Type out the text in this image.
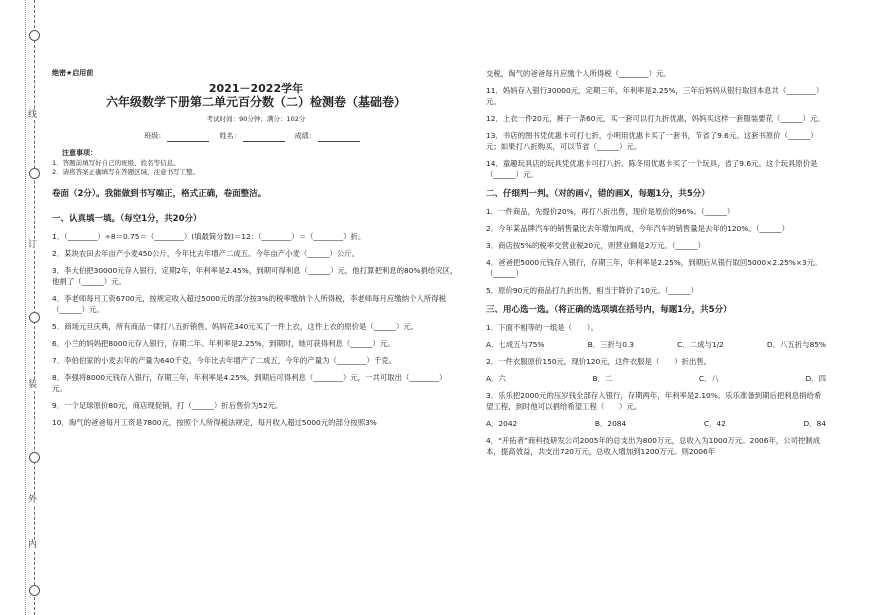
线
订
装
外
内
绝密★启用前
2021－2022学年
六年级数学下册第二单元百分数（二）检测卷（基础卷）
考试时间：90分钟；满分：102分
班级：	姓名：	成绩：
注意事项：
1．答题前填写好自己的班级、姓名等信息。
2．请将答案正确填写在答题区域，注意书写工整。
卷面（2分）。我能做到书写端正，格式正确，卷面整洁。
一、认真填一填。（每空1分，共20分）
1．（________）÷8＝0.75＝（________）(填最简分数)＝12：（________）＝（________）折。
2．某块农田去年亩产小麦450公斤，今年比去年增产二成五。今年亩产小麦（______）公斤。
3．李大伯把30000元存入银行，定期2年，年利率是2.45%，到期可得利息（______）元，他打算把利息的80%捐给灾区，他捐了（______）元。
4．李老师每月工资6700元，按规定收入超过5000元的部分按3%的税率缴纳个人所得税，李老师每月应缴纳个人所得税（______）元。
5．商场元旦庆典，所有商品一律打八五折销售。妈妈花340元买了一件上衣，这件上衣的原价是（______）元。
6．小兰的妈妈把8000元存入银行，存期二年。年利率是2.25%，到期时，她可获得利息（______）元。
7．李伯伯家的小麦去年的产量为640千克，今年比去年增产了二成五，今年的产量为（________）千克。
8．李强将8000元钱存入银行，存期三年，年利率是4.25%，到期后可得利息（________）元，一共可取出（________）元。
9．一个足球原价80元，商店现促销，打（______）折后售价为52元。
10．淘气的爸爸每月工资是7800元，按照个人所得税法规定，每月收入超过5000元的部分按照3%
交税，淘气的爸爸每月应缴个人所得税（________）元。
11．妈妈存入银行30000元，定期三年，年利率是2.25%，三年后妈妈从银行取回本息共（________）元。
12．上衣一件20元，裤子一条60元，买一套可以打九折优惠，妈妈买这样一套服装要花（______）元。
13．书店的图书凭优惠卡可打七折，小明用优惠卡买了一套书，节省了9.6元。这套书原价（______）元；如果打八折购买，可以节省（______）元。
14．童趣玩具店的玩具凭优惠卡可打八折。陈冬用优惠卡买了一个玩具，省了9.6元。这个玩具原价是（______）元。
二、仔细判一判。（对的画√，错的画X，每题1分，共5分）
1．一件商品，先提价20%，再打八折出售，现价是原价的96%。（______）
2．今年某品牌汽车的销售量比去年增加两成，今年汽车的销售量是去年的120%。（______）
3．商店按5%的税率交营业税20元，则营业额是2万元。（______）
4．爸爸把5000元钱存入银行，存期三年，年利率是2.25%，到期后从银行取回5000×2.25%×3元。（______）
5．原价90元的商品打九折出售，相当于降价了10元。（______）
三、用心选一选。（将正确的选项填在括号内，每题1分，共5分）
1．下面不相等的一组是（　　）。
A．七成五与75%	B．三折与0.3	C．二成与1/2	D．八五折与85%
2．一件衣服原价150元，现价120元，这件衣服是（　　）折出售。
A．六	B．二	C．八	D．四
3．乐乐把2000元的压岁钱全部存入银行，存期两年，年利率是2.10%。乐乐准备到期后把利息捐给希望工程，到时他可以捐给希望工程（　　）元。
A．2042	B．2084	C．42	D．84
4．“开拓者”商科技研发公司2005年的总支出为800万元，总收入为1000万元。2006年，公司控制成本，提高效益，共支出720万元，总收入增加到1200万元。则2006年
